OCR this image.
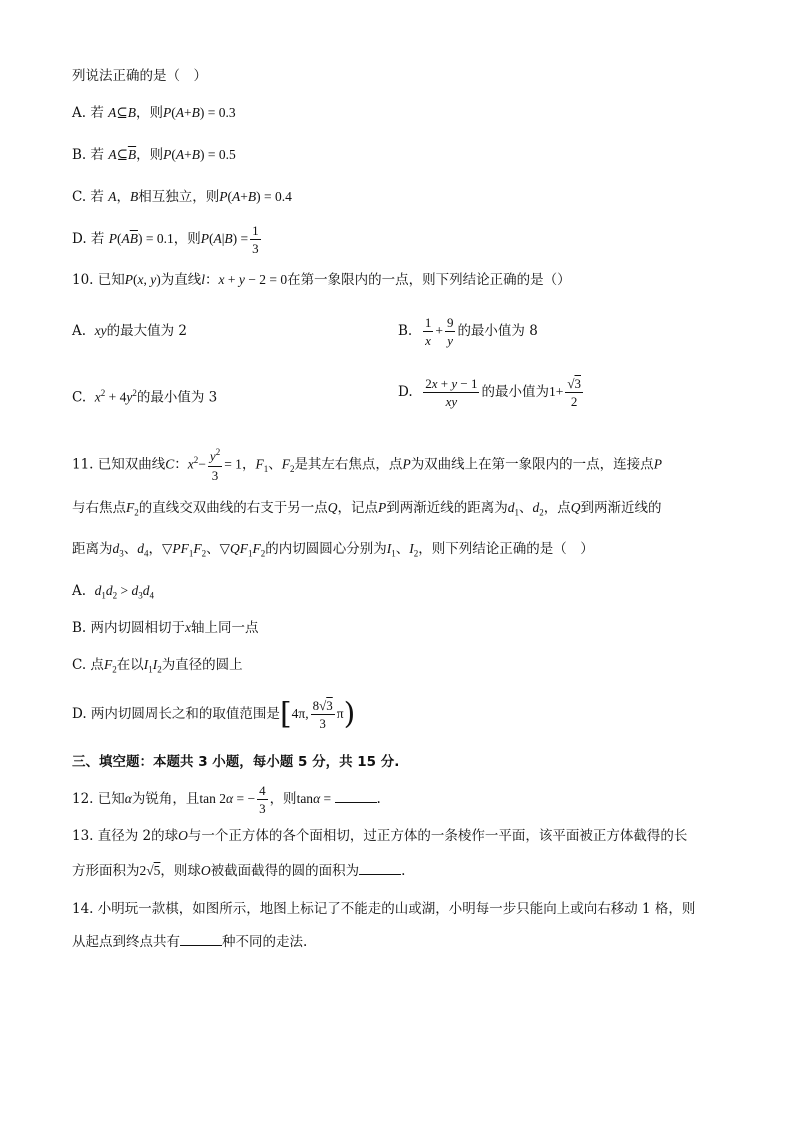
列说法正确的是（　）
A. 若 A⊆B，则P(A+B) = 0.3
B. 若 $A⊆\overline{B}$，则P(A+B) = 0.5
C. 若 A，B相互独立，则P(A+B) = 0.4
D. 若 $P(A\overline{B}) = 0.1$，则$P(A|B) = \frac{1}{3}$
10. 已知P(x, y)为直线l：x + y − 2 = 0在第一象限内的一点，则下列结论正确的是（）
A. xy的最大值为 2	B. $\frac{1}{x} + \frac{9}{y}$ 的最小值为 8
C. $x^2 + 4y^2$的最小值为 3	D. $\frac{2x + y - 1}{xy}$ 的最小值为$1+ \frac{√3}{2}$
11. 已知双曲线C：$x^2- \frac{y^2}{3} = 1$，$F_1$、$F_2$是其左右焦点，点P为双曲线上在第一象限内的一点，连接点P
与右焦点$F_2$的直线交双曲线的右支于另一点Q，记点P到两渐近线的距离为$d_1$、$d_2$，点Q到两渐近线的
距离为$d_3$、$d_4$，$▽PF_1F_2$、$▽QF_1F_2$的内切圆圆心分别为$I_1$、$I_2$，则下列结论正确的是（　）
A. $d_1d_2 > d_3d_4$
B. 两内切圆相切于x轴上同一点
C. 点$F_2$在以$I_1I_2$为直径的圆上
D. 两内切圆周长之和的取值范围是[4π, $\frac{8√3}{3} \pi$)
三、填空题：本题共 3 小题，每小题 5 分，共 15 分.
12. 已知α为锐角，且tan 2α = − $\frac{4}{3}$ ，则tanα =	.
13. 直径为 2的球O与一个正方体的各个面相切，过正方体的一条棱作一平面，该平面被正方体截得的长
方形面积为2√5，则球O被截面截得的圆的面积为	.
14. 小明玩一款棋，如图所示，地图上标记了不能走的山或湖，小明每一步只能向上或向右移动 1 格，则
从起点到终点共有	种不同的走法.
